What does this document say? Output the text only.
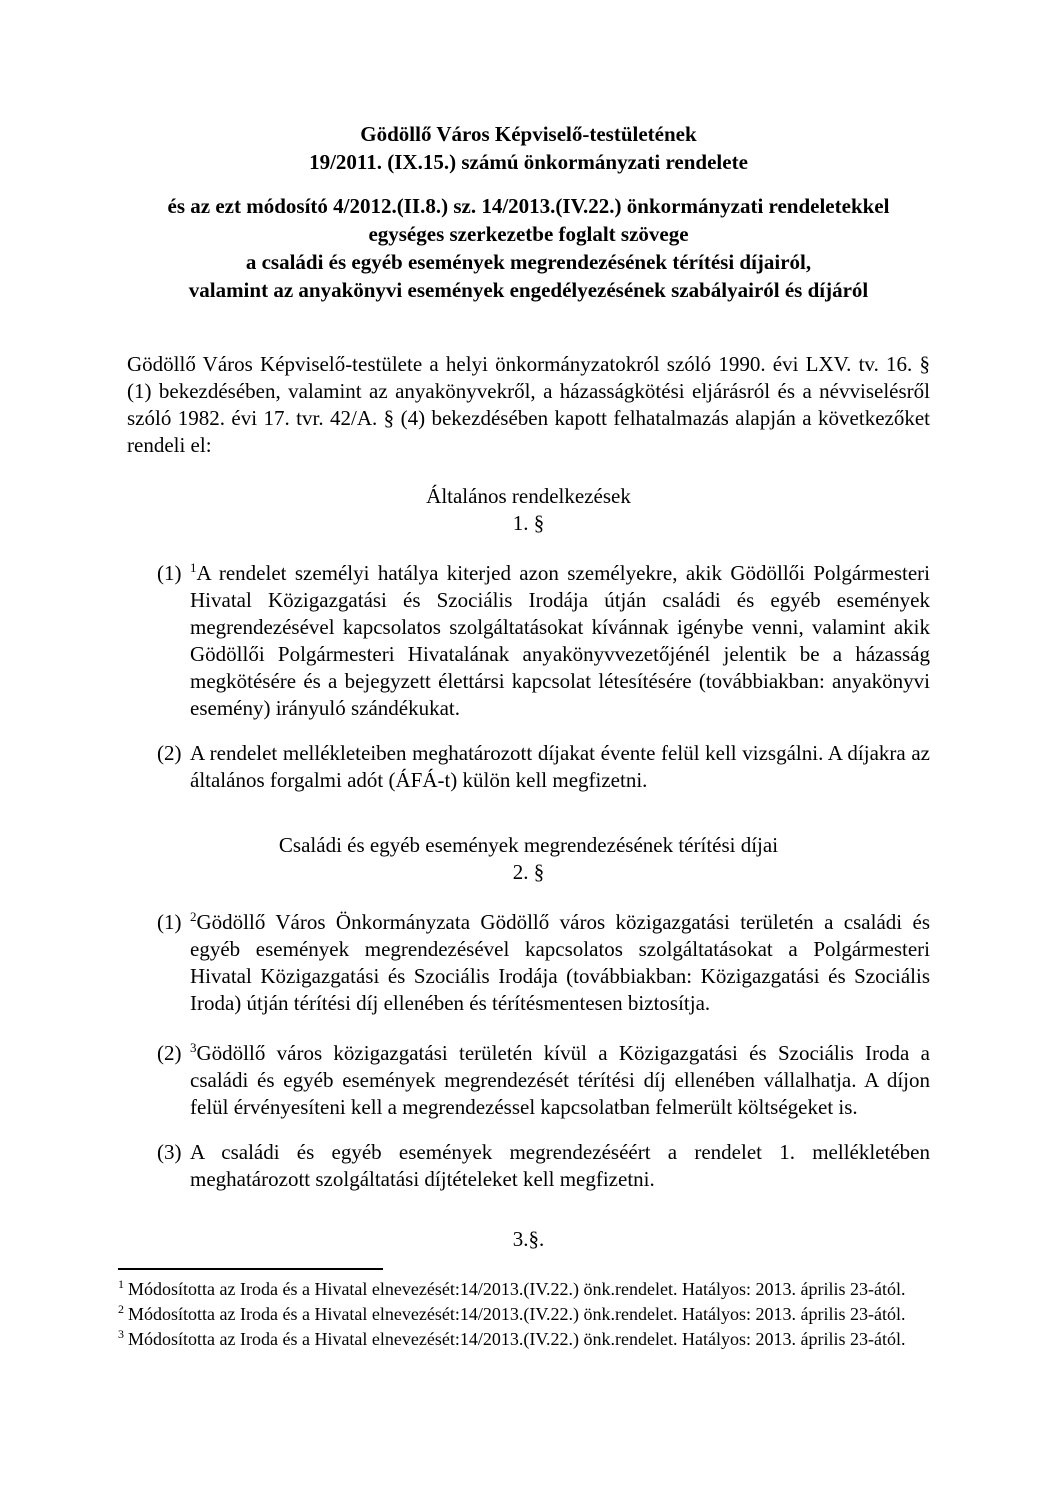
Gödöllő Város Képviselő-testületének
19/2011. (IX.15.) számú önkormányzati rendelete
és az ezt módosító 4/2012.(II.8.) sz. 14/2013.(IV.22.) önkormányzati rendeletekkel
egységes szerkezetbe foglalt szövege
a családi és egyéb események megrendezésének térítési díjairól,
valamint az anyakönyvi események engedélyezésének szabályairól és díjáról
Gödöllő Város Képviselő-testülete a helyi önkormányzatokról szóló 1990. évi LXV. tv. 16. § (1) bekezdésében, valamint az anyakönyvekről, a házasságkötési eljárásról és a névviselésről szóló 1982. évi 17. tvr. 42/A. § (4) bekezdésében kapott felhatalmazás alapján a következőket rendeli el:
Általános rendelkezések
1. §
(1) $^1$A rendelet személyi hatálya kiterjed azon személyekre, akik Gödöllői Polgármesteri Hivatal Közigazgatási és Szociális Irodája útján családi és egyéb események megrendezésével kapcsolatos szolgáltatásokat kívánnak igénybe venni, valamint akik Gödöllői Polgármesteri Hivatalának anyakönyvvezetőjénél jelentik be a házasság megkötésére és a bejegyzett élettársi kapcsolat létesítésére (továbbiakban: anyakönyvi esemény) irányuló szándékukat.
(2) A rendelet mellékleteiben meghatározott díjakat évente felül kell vizsgálni. A díjakra az általános forgalmi adót (ÁFÁ-t) külön kell megfizetni.
Családi és egyéb események megrendezésének térítési díjai
2. §
(1) $^2$Gödöllő Város Önkormányzata Gödöllő város közigazgatási területén a családi és egyéb események megrendezésével kapcsolatos szolgáltatásokat a Polgármesteri Hivatal Közigazgatási és Szociális Irodája (továbbiakban: Közigazgatási és Szociális Iroda) útján térítési díj ellenében és térítésmentesen biztosítja.
(2) $^3$Gödöllő város közigazgatási területén kívül a Közigazgatási és Szociális Iroda a családi és egyéb események megrendezését térítési díj ellenében vállalhatja. A díjon felül érvényesíteni kell a megrendezéssel kapcsolatban felmerült költségeket is.
(3) A családi és egyéb események megrendezéséért a rendelet 1. mellékletében meghatározott szolgáltatási díjtételeket kell megfizetni.
3.§.
$^1$ Módosította az Iroda és a Hivatal elnevezését:14/2013.(IV.22.) önk.rendelet. Hatályos: 2013. április 23-ától.
$^2$ Módosította az Iroda és a Hivatal elnevezését:14/2013.(IV.22.) önk.rendelet. Hatályos: 2013. április 23-ától.
$^3$ Módosította az Iroda és a Hivatal elnevezését:14/2013.(IV.22.) önk.rendelet. Hatályos: 2013. április 23-ától.
